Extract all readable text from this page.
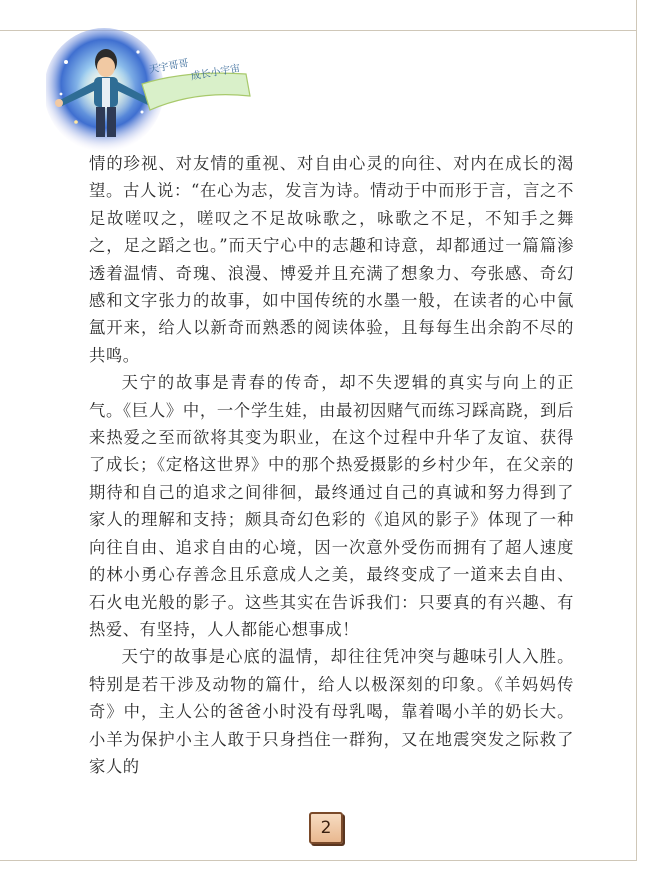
天宇哥哥 成长小宇宙

情的珍视、对友情的重视、对自由心灵的向往、对内在成长的渴望。古人说：“在心为志，发言为诗。情动于中而形于言，言之不足故嗟叹之，嗟叹之不足故咏歌之，咏歌之不足，不知手之舞之，足之蹈之也。”而天宁心中的志趣和诗意，却都通过一篇篇渗透着温情、奇瑰、浪漫、博爱并且充满了想象力、夸张感、奇幻感和文字张力的故事，如中国传统的水墨一般，在读者的心中氤氲开来，给人以新奇而熟悉的阅读体验，且每每生出余韵不尽的共鸣。

天宁的故事是青春的传奇，却不失逻辑的真实与向上的正气。《巨人》中，一个学生娃，由最初因赌气而练习踩高跷，到后来热爱之至而欲将其变为职业，在这个过程中升华了友谊、获得了成长；《定格这世界》中的那个热爱摄影的乡村少年，在父亲的期待和自己的追求之间徘徊，最终通过自己的真诚和努力得到了家人的理解和支持；颇具奇幻色彩的《追风的影子》体现了一种向往自由、追求自由的心境，因一次意外受伤而拥有了超人速度的林小勇心存善念且乐意成人之美，最终变成了一道来去自由、石火电光般的影子。这些其实在告诉我们：只要真的有兴趣、有热爱、有坚持，人人都能心想事成！

天宁的故事是心底的温情，却往往凭冲突与趣味引人入胜。特别是若干涉及动物的篇什，给人以极深刻的印象。《羊妈妈传奇》中，主人公的爸爸小时没有母乳喝，靠着喝小羊的奶长大。小羊为保护小主人敢于只身挡住一群狗，又在地震突发之际救了家人的

2
